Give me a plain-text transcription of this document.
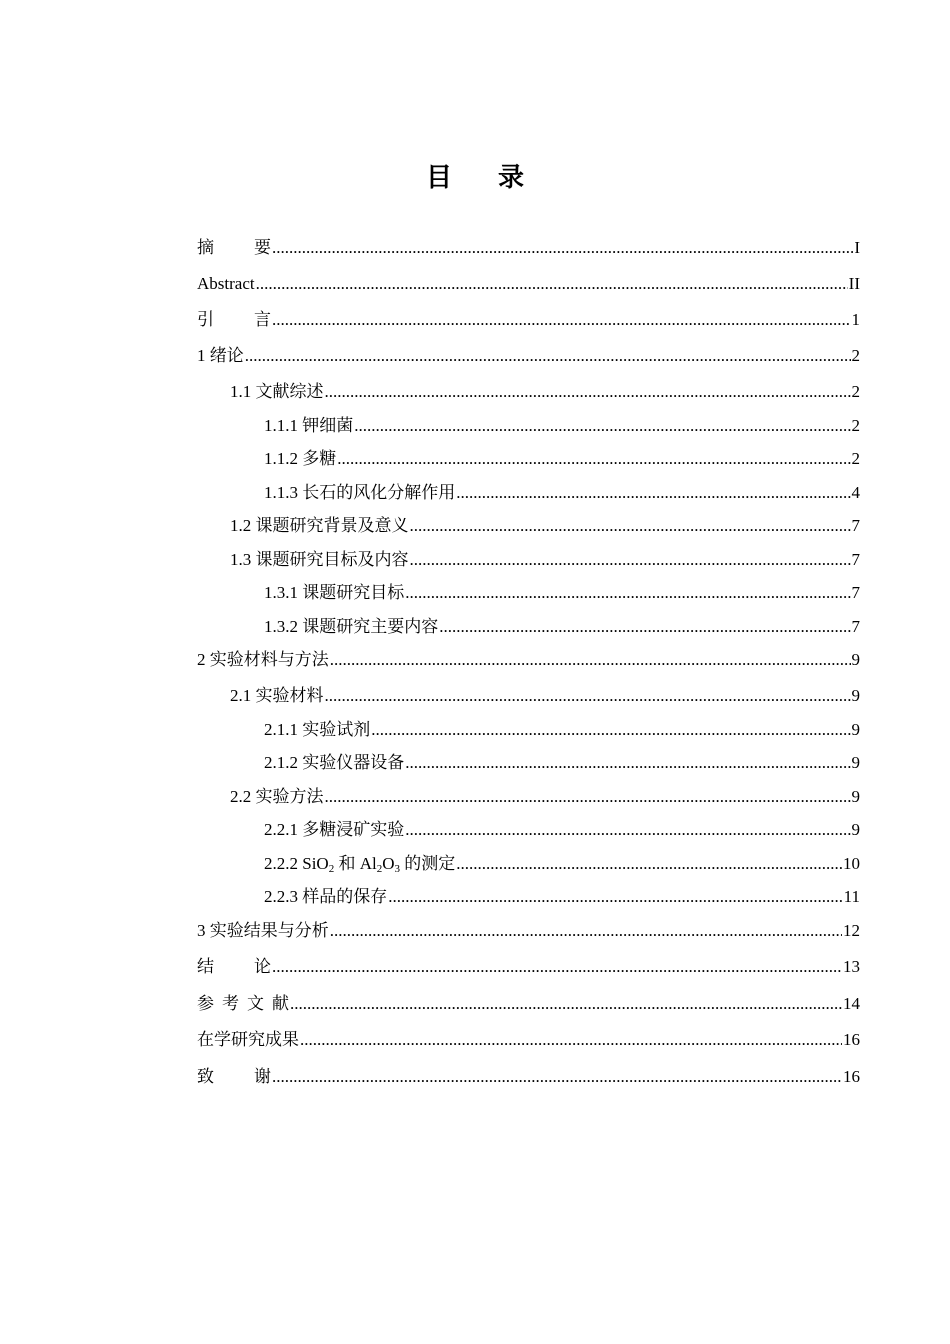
目 录
摘 要 .....	I
Abstract .....	II
引 言 .....	1
1 绪论 .....	2
1.1 文献综述 .....	2
1.1.1 钾细菌 .....	2
1.1.2 多糖 .....	2
1.1.3 长石的风化分解作用 .....	4
1.2 课题研究背景及意义 .....	7
1.3 课题研究目标及内容 .....	7
1.3.1 课题研究目标 .....	7
1.3.2 课题研究主要内容 .....	7
2 实验材料与方法 .....	9
2.1 实验材料 .....	9
2.1.1 实验试剂 .....	9
2.1.2 实验仪器设备 .....	9
2.2 实验方法 .....	9
2.2.1 多糖浸矿实验 .....	9
2.2.2 SiO$_2$ 和 $Al_2O_3$ 的测定 .....	10
2.2.3 样品的保存 .....	11
3 实验结果与分析 .....	12
结 论 .....	13
参 考 文 献 .....	14
在学研究成果 .....	16
致 谢 .....	16
